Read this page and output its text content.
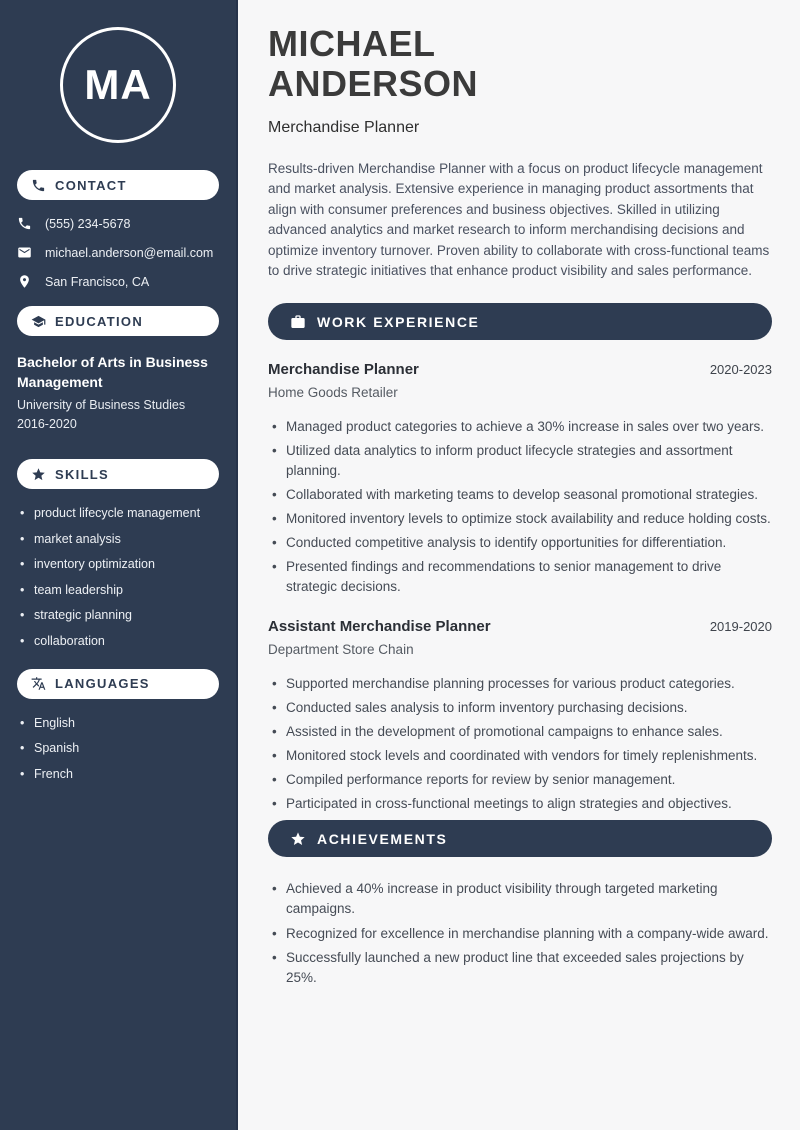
MA
CONTACT
(555) 234-5678
michael.anderson@email.com
San Francisco, CA
EDUCATION
Bachelor of Arts in Business Management
University of Business Studies
2016-2020
SKILLS
• product lifecycle management
• market analysis
• inventory optimization
• team leadership
• strategic planning
• collaboration
LANGUAGES
• English
• Spanish
• French
MICHAEL
ANDERSON
Merchandise Planner

Results-driven Merchandise Planner with a focus on product lifecycle management and market analysis. Extensive experience in managing product assortments that align with consumer preferences and business objectives. Skilled in utilizing advanced analytics and market research to inform merchandising decisions and optimize inventory turnover. Proven ability to collaborate with cross-functional teams to drive strategic initiatives that enhance product visibility and sales performance.

WORK EXPERIENCE
Merchandise Planner	2020-2023
Home Goods Retailer
• Managed product categories to achieve a 30% increase in sales over two years.
• Utilized data analytics to inform product lifecycle strategies and assortment planning.
• Collaborated with marketing teams to develop seasonal promotional strategies.
• Monitored inventory levels to optimize stock availability and reduce holding costs.
• Conducted competitive analysis to identify opportunities for differentiation.
• Presented findings and recommendations to senior management to drive strategic decisions.
Assistant Merchandise Planner	2019-2020
Department Store Chain
• Supported merchandise planning processes for various product categories.
• Conducted sales analysis to inform inventory purchasing decisions.
• Assisted in the development of promotional campaigns to enhance sales.
• Monitored stock levels and coordinated with vendors for timely replenishments.
• Compiled performance reports for review by senior management.
• Participated in cross-functional meetings to align strategies and objectives.
ACHIEVEMENTS
• Achieved a 40% increase in product visibility through targeted marketing campaigns.
• Recognized for excellence in merchandise planning with a company-wide award.
• Successfully launched a new product line that exceeded sales projections by 25%.
